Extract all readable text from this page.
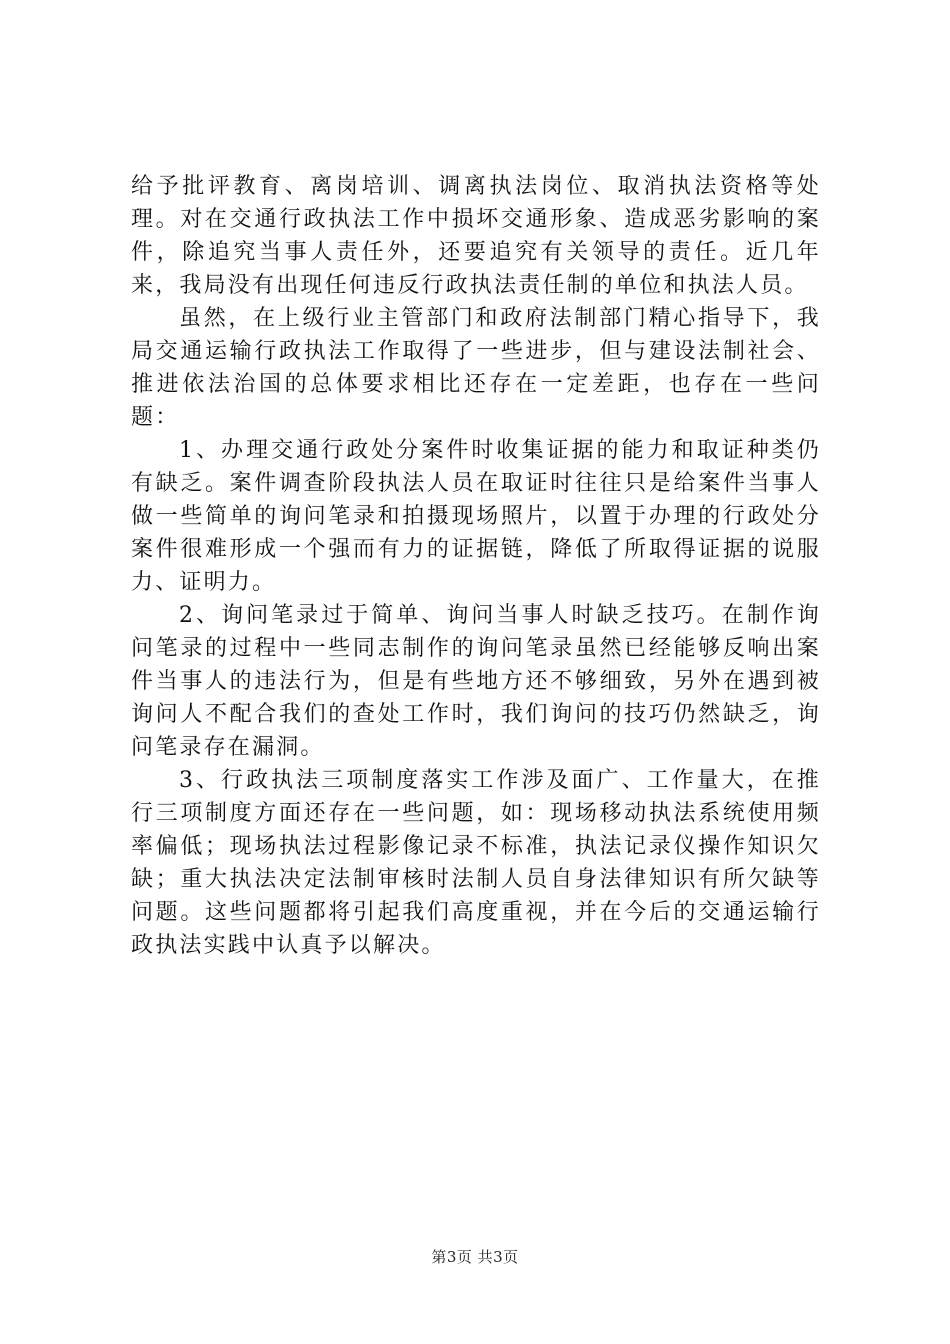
给予批评教育、离岗培训、调离执法岗位、取消执法资格等处理。对在交通行政执法工作中损坏交通形象、造成恶劣影响的案件，除追究当事人责任外，还要追究有关领导的责任。近几年来，我局没有出现任何违反行政执法责任制的单位和执法人员。

虽然，在上级行业主管部门和政府法制部门精心指导下，我局交通运输行政执法工作取得了一些进步，但与建设法制社会、推进依法治国的总体要求相比还存在一定差距，也存在一些问题：

1、办理交通行政处分案件时收集证据的能力和取证种类仍有缺乏。案件调查阶段执法人员在取证时往往只是给案件当事人做一些简单的询问笔录和拍摄现场照片，以置于办理的行政处分案件很难形成一个强而有力的证据链，降低了所取得证据的说服力、证明力。

2、询问笔录过于简单、询问当事人时缺乏技巧。在制作询问笔录的过程中一些同志制作的询问笔录虽然已经能够反响出案件当事人的违法行为，但是有些地方还不够细致，另外在遇到被询问人不配合我们的查处工作时，我们询问的技巧仍然缺乏，询问笔录存在漏洞。

3、行政执法三项制度落实工作涉及面广、工作量大，在推行三项制度方面还存在一些问题，如：现场移动执法系统使用频率偏低；现场执法过程影像记录不标准，执法记录仪操作知识欠缺；重大执法决定法制审核时法制人员自身法律知识有所欠缺等问题。这些问题都将引起我们高度重视，并在今后的交通运输行政执法实践中认真予以解决。

第3页 共3页
